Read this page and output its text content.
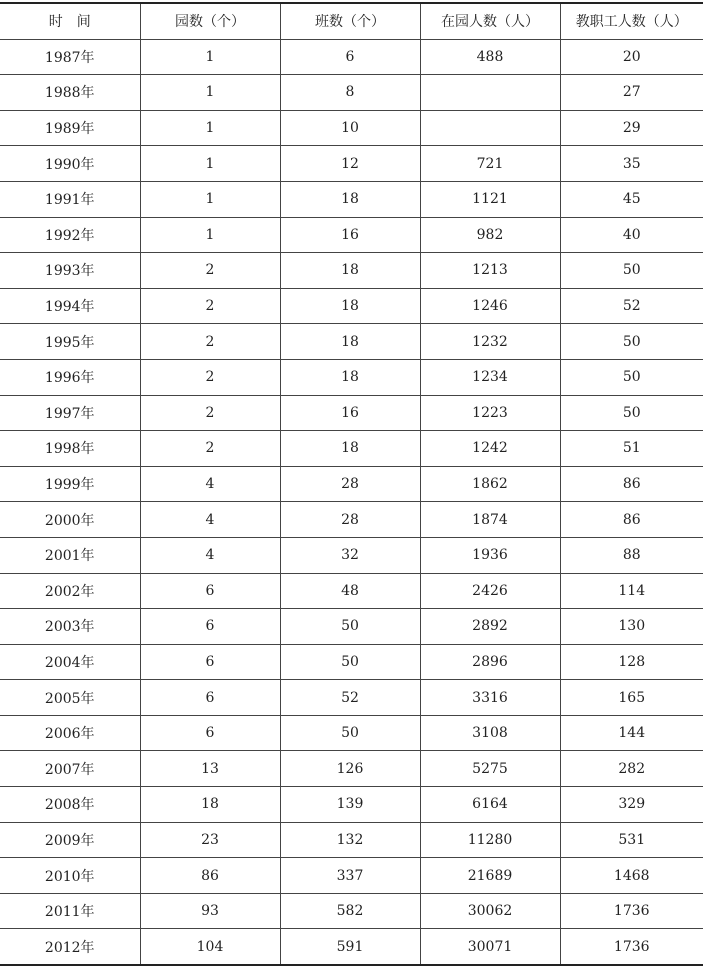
时　间	园数（个）	班数（个）	在园人数（人）	教职工人数（人）
1987年	1	6	488	20
1988年	1	8		27
1989年	1	10		29
1990年	1	12	721	35
1991年	1	18	1121	45
1992年	1	16	982	40
1993年	2	18	1213	50
1994年	2	18	1246	52
1995年	2	18	1232	50
1996年	2	18	1234	50
1997年	2	16	1223	50
1998年	2	18	1242	51
1999年	4	28	1862	86
2000年	4	28	1874	86
2001年	4	32	1936	88
2002年	6	48	2426	114
2003年	6	50	2892	130
2004年	6	50	2896	128
2005年	6	52	3316	165
2006年	6	50	3108	144
2007年	13	126	5275	282
2008年	18	139	6164	329
2009年	23	132	11280	531
2010年	86	337	21689	1468
2011年	93	582	30062	1736
2012年	104	591	30071	1736
